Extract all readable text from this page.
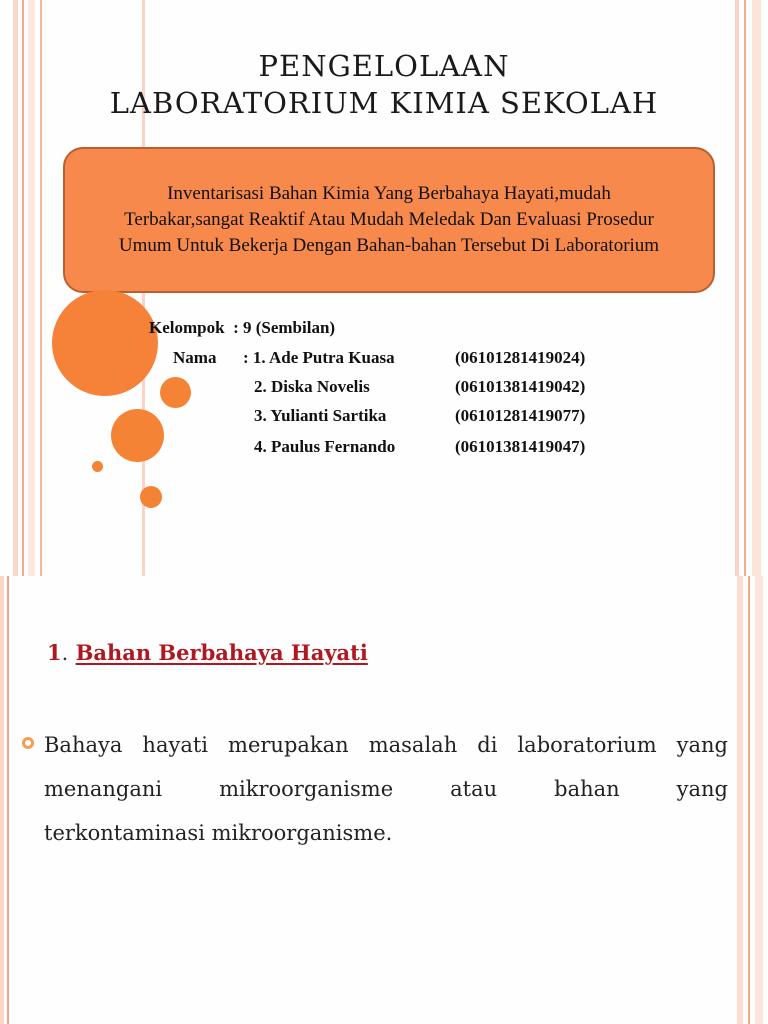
PENGELOLAAN
LABORATORIUM KIMIA SEKOLAH
Inventarisasi Bahan Kimia Yang Berbahaya Hayati,mudah
Terbakar,sangat Reaktif Atau Mudah Meledak Dan Evaluasi Prosedur
Umum Untuk Bekerja Dengan Bahan-bahan Tersebut Di Laboratorium
Kelompok : 9 (Sembilan)
Nama : 1. Ade Putra Kuasa	(06101281419024)
2. Diska Novelis	(06101381419042)
3. Yulianti Sartika	(06101281419077)
4. Paulus Fernando	(06101381419047)
1. Bahan Berbahaya Hayati
Bahaya hayati merupakan masalah di laboratorium yang
menangani mikroorganisme atau bahan yang
terkontaminasi mikroorganisme.
